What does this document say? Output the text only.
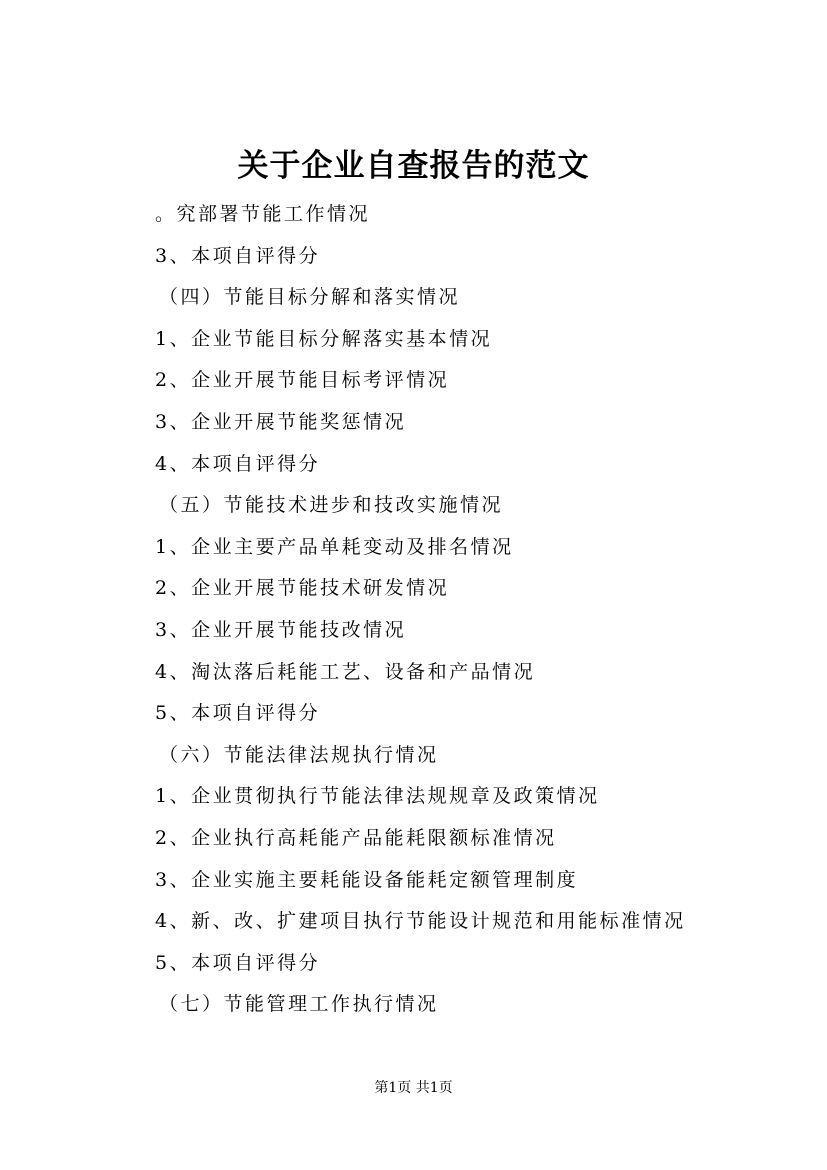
关于企业自查报告的范文
。究部署节能工作情况
3、本项自评得分
（四）节能目标分解和落实情况
1、企业节能目标分解落实基本情况
2、企业开展节能目标考评情况
3、企业开展节能奖惩情况
4、本项自评得分
（五）节能技术进步和技改实施情况
1、企业主要产品单耗变动及排名情况
2、企业开展节能技术研发情况
3、企业开展节能技改情况
4、淘汰落后耗能工艺、设备和产品情况
5、本项自评得分
（六）节能法律法规执行情况
1、企业贯彻执行节能法律法规规章及政策情况
2、企业执行高耗能产品能耗限额标准情况
3、企业实施主要耗能设备能耗定额管理制度
4、新、改、扩建项目执行节能设计规范和用能标准情况
5、本项自评得分
（七）节能管理工作执行情况
第1页 共1页
